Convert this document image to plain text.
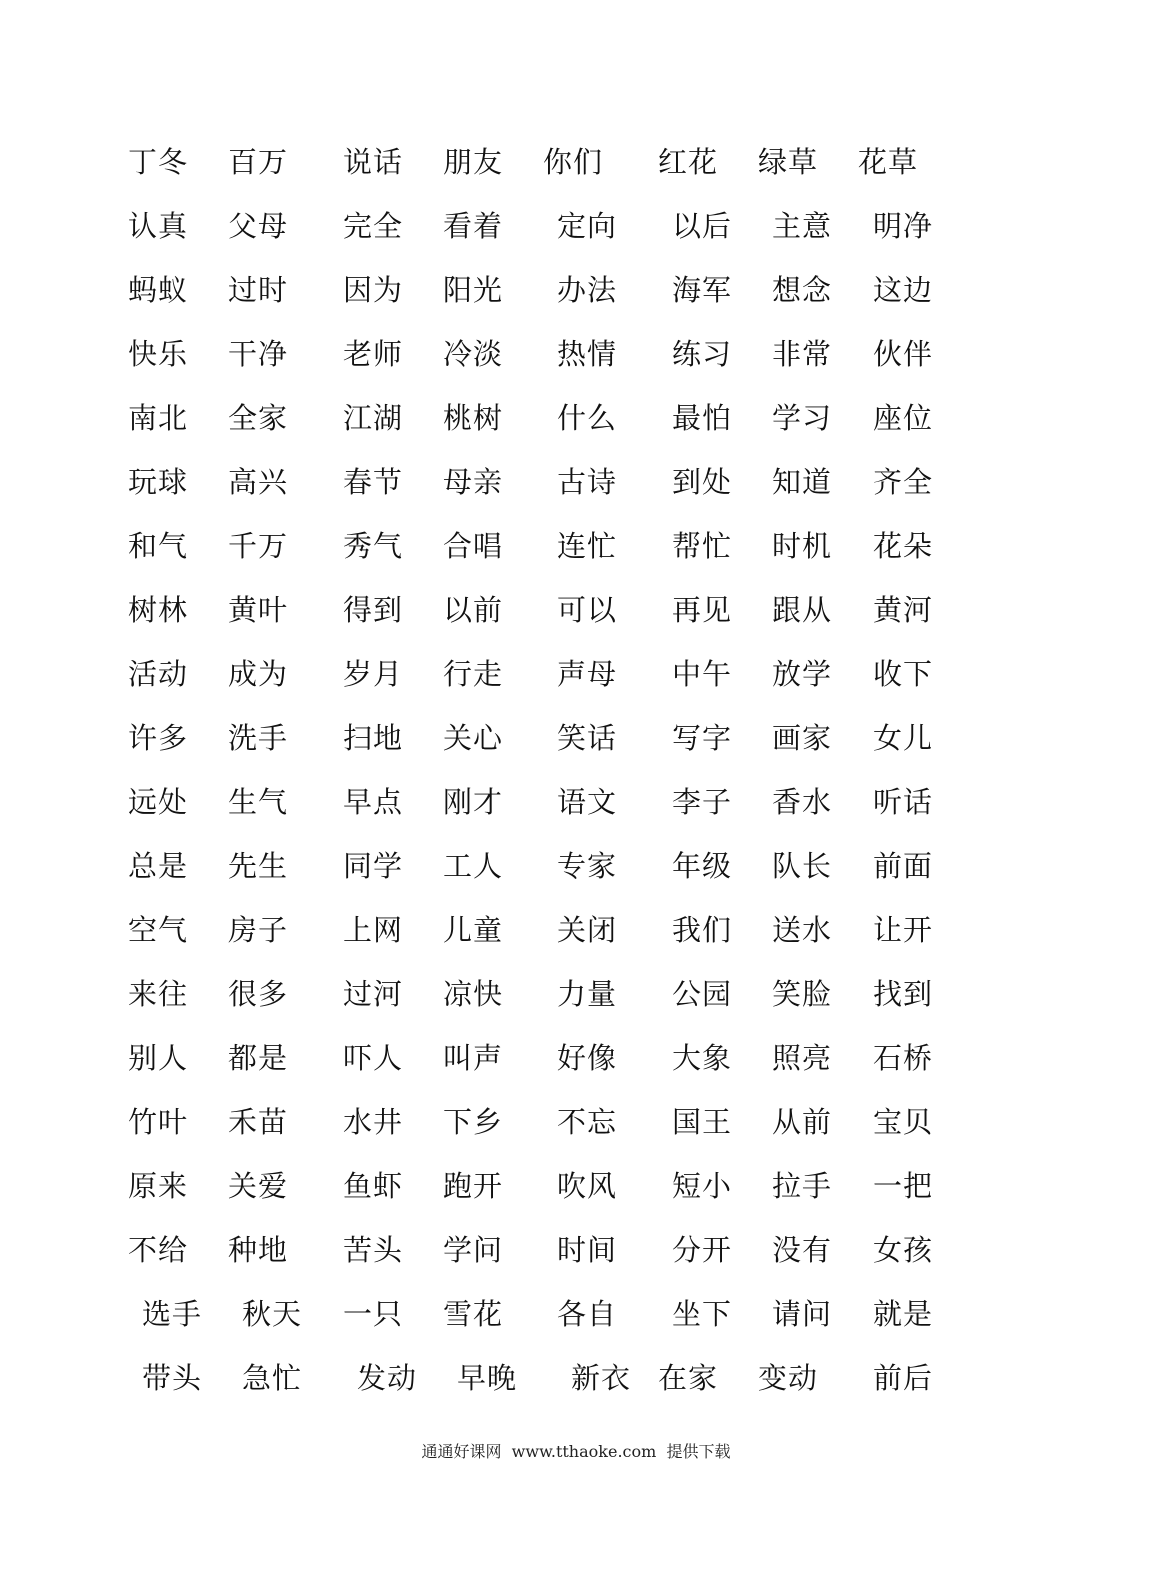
丁冬 百万 说话 朋友 你们 红花 绿草 花草
认真 父母 完全 看着 定向 以后 主意 明净
蚂蚁 过时 因为 阳光 办法 海军 想念 这边
快乐 干净 老师 冷淡 热情 练习 非常 伙伴
南北 全家 江湖 桃树 什么 最怕 学习 座位
玩球 高兴 春节 母亲 古诗 到处 知道 齐全
和气 千万 秀气 合唱 连忙 帮忙 时机 花朵
树林 黄叶 得到 以前 可以 再见 跟从 黄河
活动 成为 岁月 行走 声母 中午 放学 收下
许多 洗手 扫地 关心 笑话 写字 画家 女儿
远处 生气 早点 刚才 语文 李子 香水 听话
总是 先生 同学 工人 专家 年级 队长 前面
空气 房子 上网 儿童 关闭 我们 送水 让开
来往 很多 过河 凉快 力量 公园 笑脸 找到
别人 都是 吓人 叫声 好像 大象 照亮 石桥
竹叶 禾苗 水井 下乡 不忘 国王 从前 宝贝
原来 关爱 鱼虾 跑开 吹风 短小 拉手 一把
不给 种地 苦头 学问 时间 分开 没有 女孩
选手 秋天 一只 雪花 各自 坐下 请问 就是
带头 急忙 发动 早晚 新衣 在家 变动 前后
通通好课网  www.tthaoke.com  提供下载
